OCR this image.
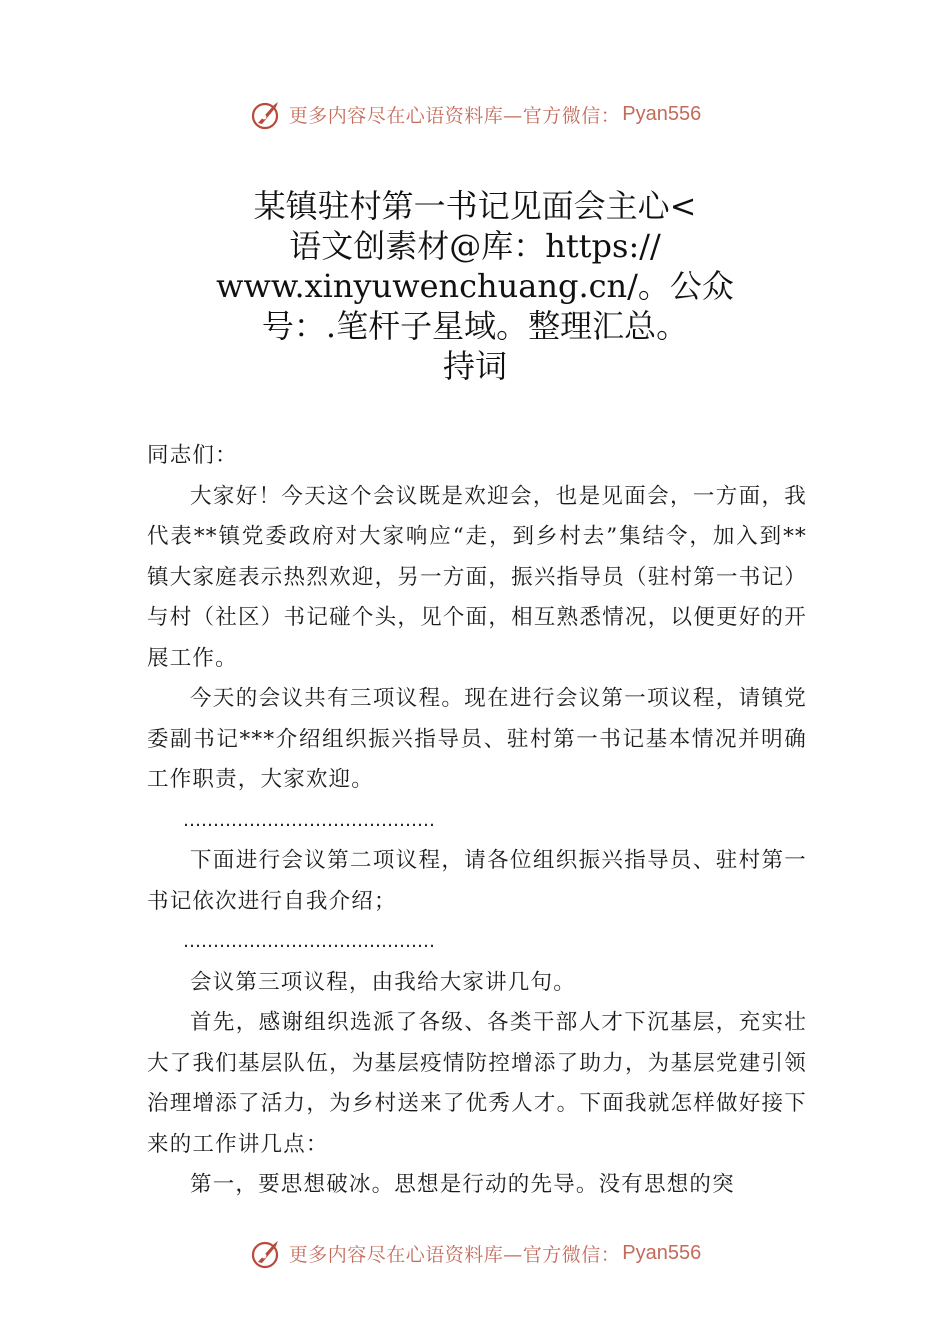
更多内容尽在心语资料库—官方微信： Pyan556
某镇驻村第一书记见面会主心<
语文创素材@库：https://
www.xinyuwenchuang.cn/。公众
号：.笔杆子星域。整理汇总。
持词

同志们：

大家好！今天这个会议既是欢迎会，也是见面会，一方面，我代表**镇党委政府对大家响应“走，到乡村去”集结令，加入到**镇大家庭表示热烈欢迎，另一方面，振兴指导员（驻村第一书记）与村（社区）书记碰个头，见个面，相互熟悉情况，以便更好的开展工作。

今天的会议共有三项议程。现在进行会议第一项议程，请镇党委副书记***介绍组织振兴指导员、驻村第一书记基本情况并明确工作职责，大家欢迎。

……………………………………

下面进行会议第二项议程，请各位组织振兴指导员、驻村第一书记依次进行自我介绍；

……………………………………

会议第三项议程，由我给大家讲几句。

首先，感谢组织选派了各级、各类干部人才下沉基层，充实壮大了我们基层队伍，为基层疫情防控增添了助力，为基层党建引领治理增添了活力，为乡村送来了优秀人才。下面我就怎样做好接下来的工作讲几点：

第一，要思想破冰。思想是行动的先导。没有思想的突

更多内容尽在心语资料库—官方微信： Pyan556
